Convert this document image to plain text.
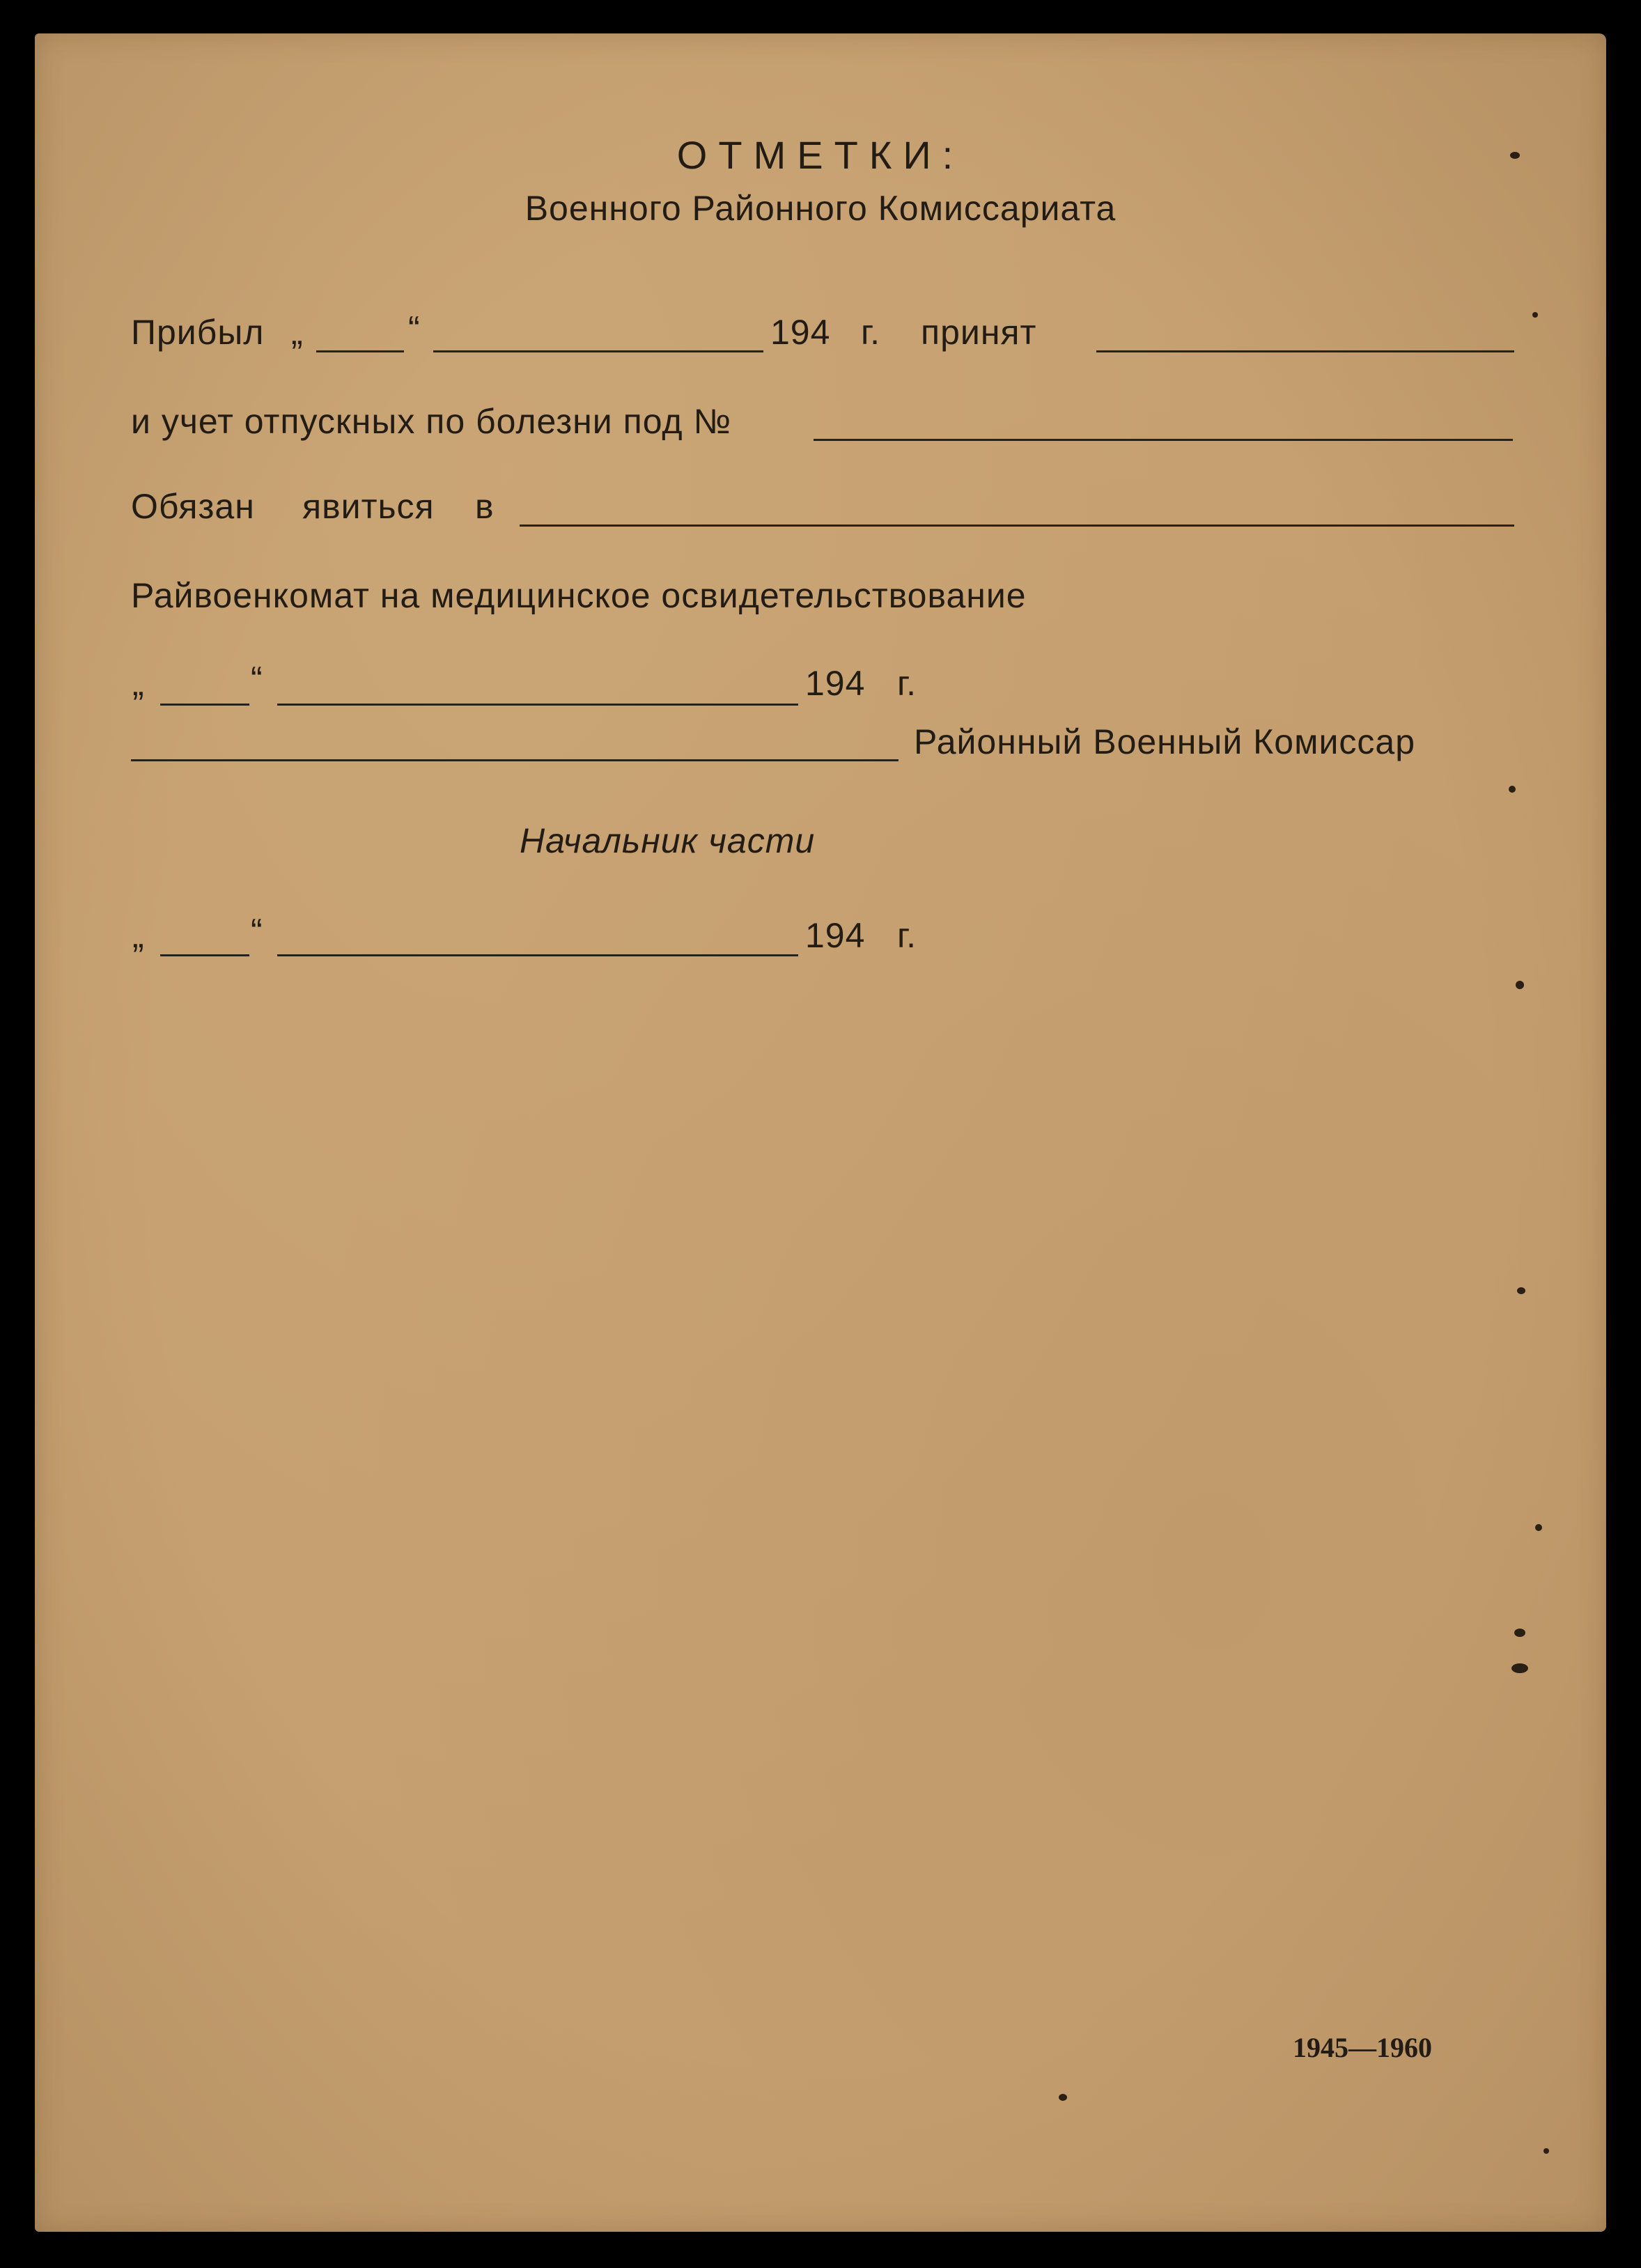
ОТМЕТКИ:
Военного Районного Комиссариата
Прибыл „	“	194 г. принят
и учет отпускных по болезни под №
Обязан явиться в
Райвоенкомат на медицинское освидетельствование
„	“	194 г.
Районный Военный Комиссар
Начальник части
„	“	194 г.
1945—1960
